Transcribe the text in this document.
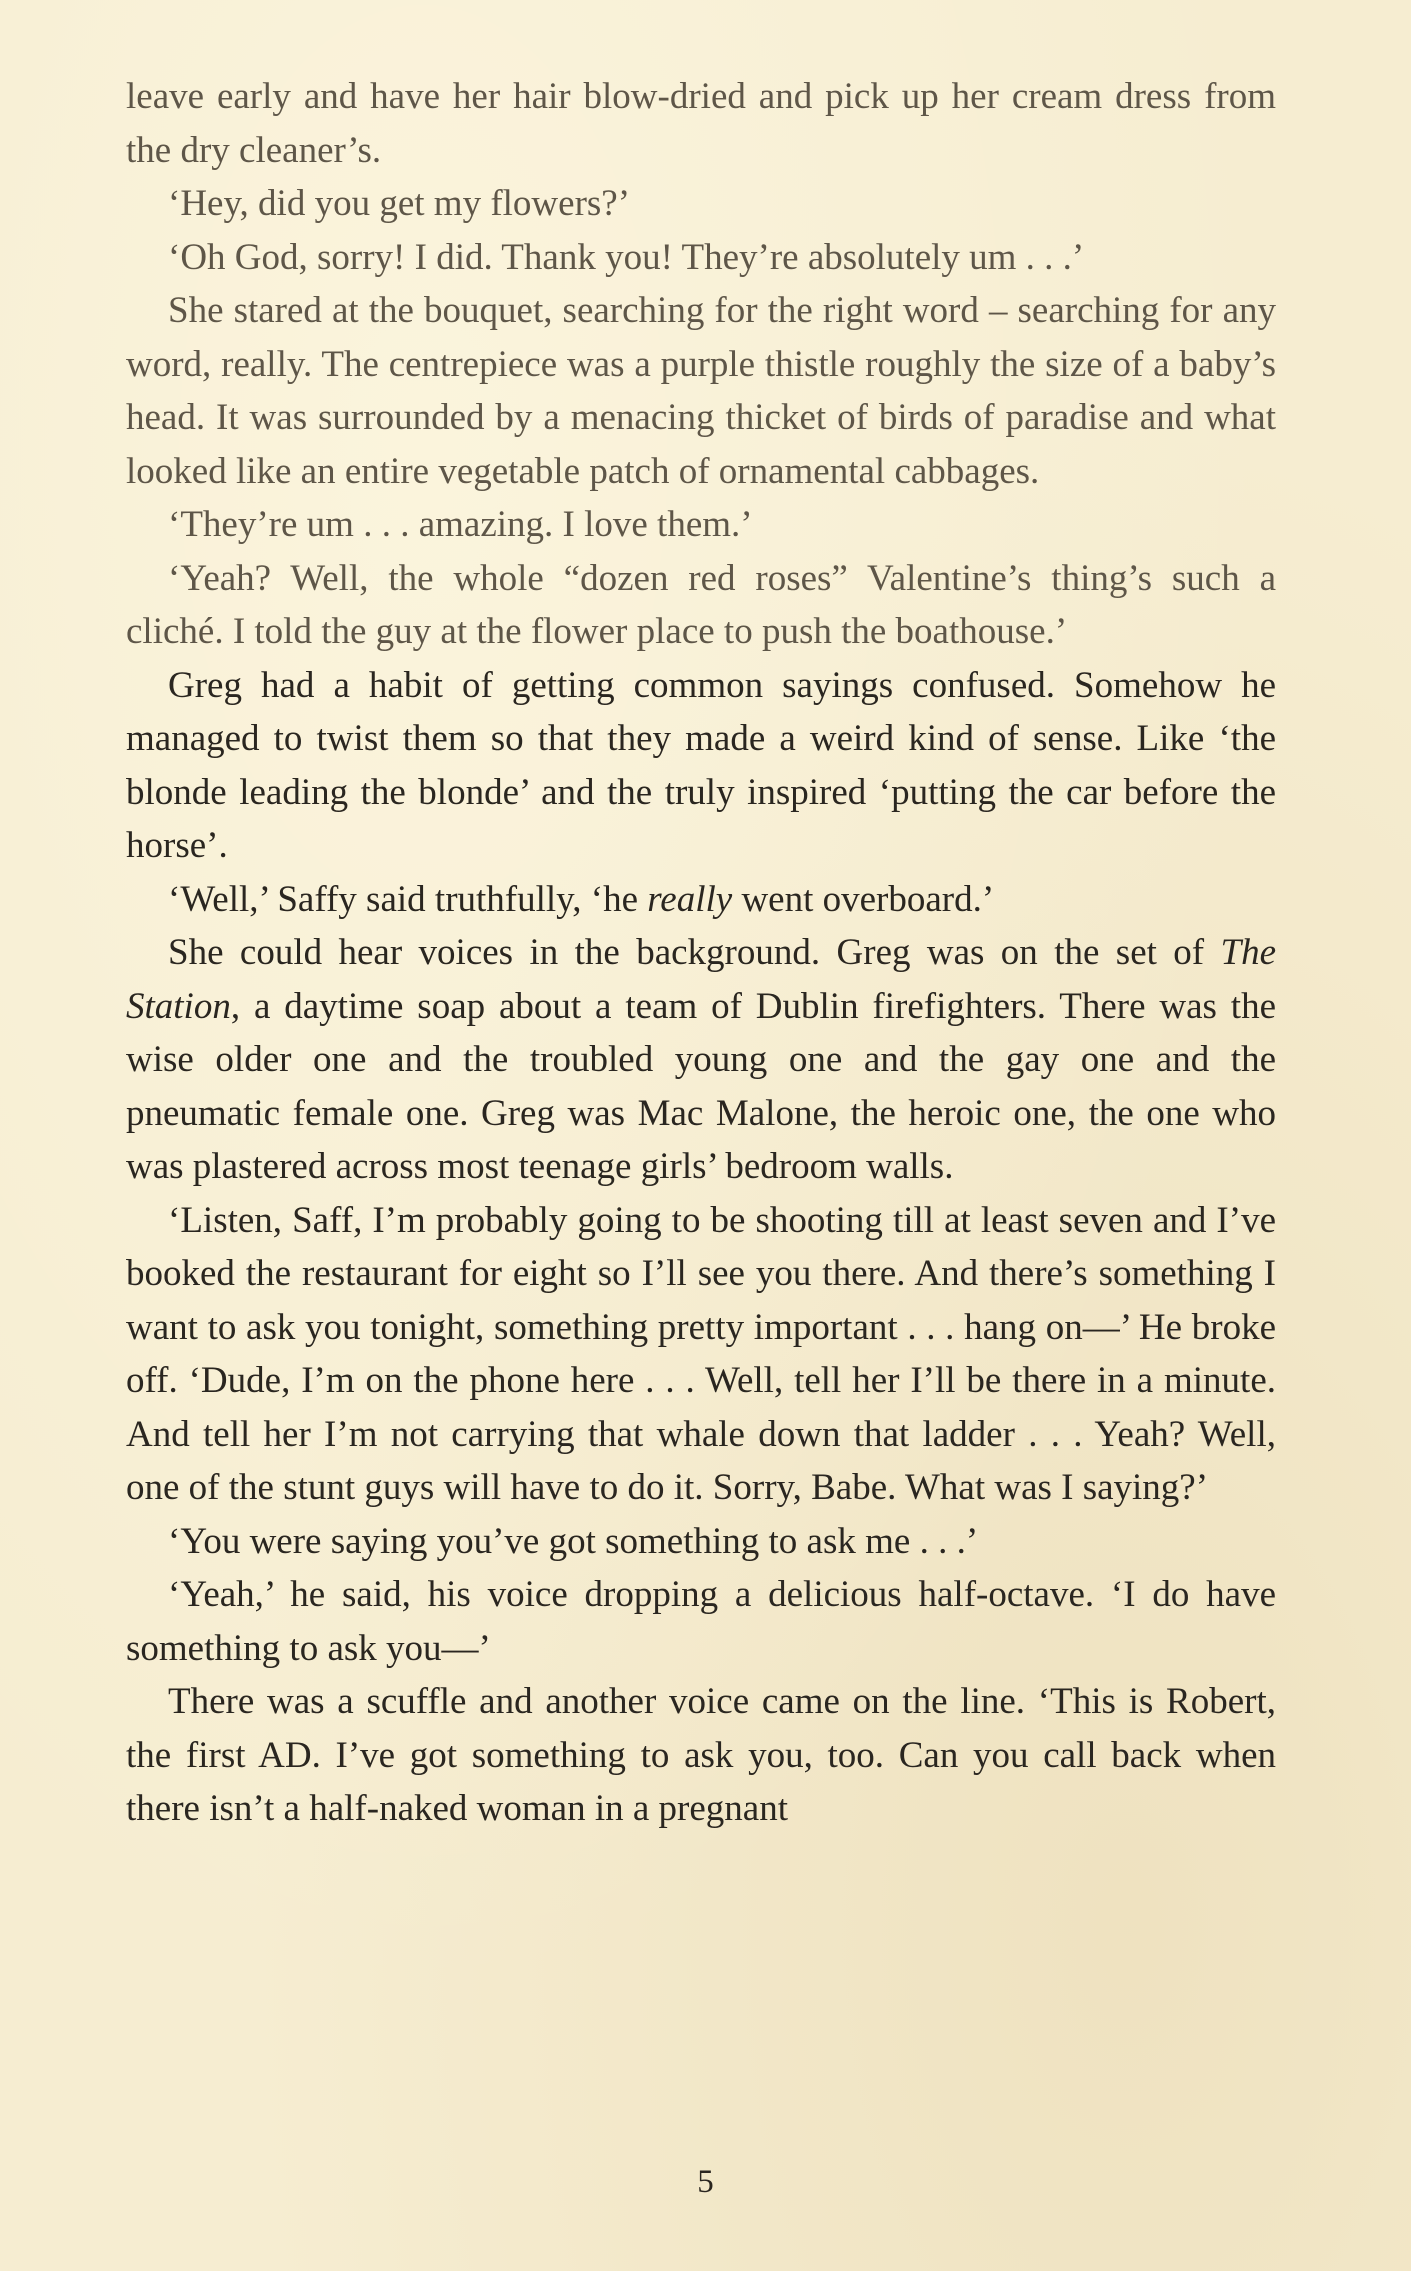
leave early and have her hair blow-dried and pick up her cream dress from the dry cleaner’s.

‘Hey, did you get my flowers?’

‘Oh God, sorry! I did. Thank you! They’re absolutely um . . .’

She stared at the bouquet, searching for the right word – searching for any word, really. The centrepiece was a purple thistle roughly the size of a baby’s head. It was surrounded by a menacing thicket of birds of paradise and what looked like an entire vegetable patch of ornamental cabbages.

‘They’re um . . . amazing. I love them.’

‘Yeah? Well, the whole “dozen red roses” Valentine’s thing’s such a cliché. I told the guy at the flower place to push the boathouse.’

Greg had a habit of getting common sayings confused. Somehow he managed to twist them so that they made a weird kind of sense. Like ‘the blonde leading the blonde’ and the truly inspired ‘putting the car before the horse’.

‘Well,’ Saffy said truthfully, ‘he really went overboard.’

She could hear voices in the background. Greg was on the set of The Station, a daytime soap about a team of Dublin firefighters. There was the wise older one and the troubled young one and the gay one and the pneumatic female one. Greg was Mac Malone, the heroic one, the one who was plastered across most teenage girls’ bedroom walls.

‘Listen, Saff, I’m probably going to be shooting till at least seven and I’ve booked the restaurant for eight so I’ll see you there. And there’s something I want to ask you tonight, something pretty important . . . hang on—’ He broke off. ‘Dude, I’m on the phone here . . . Well, tell her I’ll be there in a minute. And tell her I’m not carrying that whale down that ladder . . . Yeah? Well, one of the stunt guys will have to do it. Sorry, Babe. What was I saying?’

‘You were saying you’ve got something to ask me . . .’

‘Yeah,’ he said, his voice dropping a delicious half-octave. ‘I do have something to ask you—’

There was a scuffle and another voice came on the line. ‘This is Robert, the first AD. I’ve got something to ask you, too. Can you call back when there isn’t a half-naked woman in a pregnant

5
